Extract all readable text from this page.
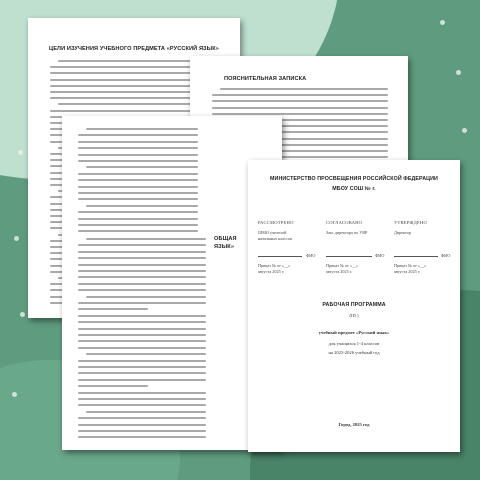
ЦЕЛИ ИЗУЧЕНИЯ УЧЕБНОГО ПРЕДМЕТА «РУССКИЙ ЯЗЫК»
ПОЯСНИТЕЛЬНАЯ ЗАПИСКА
ОБЩАЯ
ЯЗЫК»
МИНИСТЕРСТВО ПРОСВЕЩЕНИЯ РОССИЙСКОЙ ФЕДЕРАЦИИ
МБОУ СОШ № г.
РАССМОТРЕНО
ШМО учителей
начальных классов
ФИО
Приказ № от «__»
августа 2025 г.
СОГЛАСОВАНО
Зам. директора по УВР
ФИО
Приказ № от «__»
августа 2025 г.
УТВЕРЖДЕНО
Директор
ФИО
Приказ № от «__»
августа 2025 г.
РАБОЧАЯ ПРОГРАММА
(ID )
учебный предмет «Русский язык»
для учащихся 1-4 классов
на 2025-2026 учебный год
Город, 2025 год
